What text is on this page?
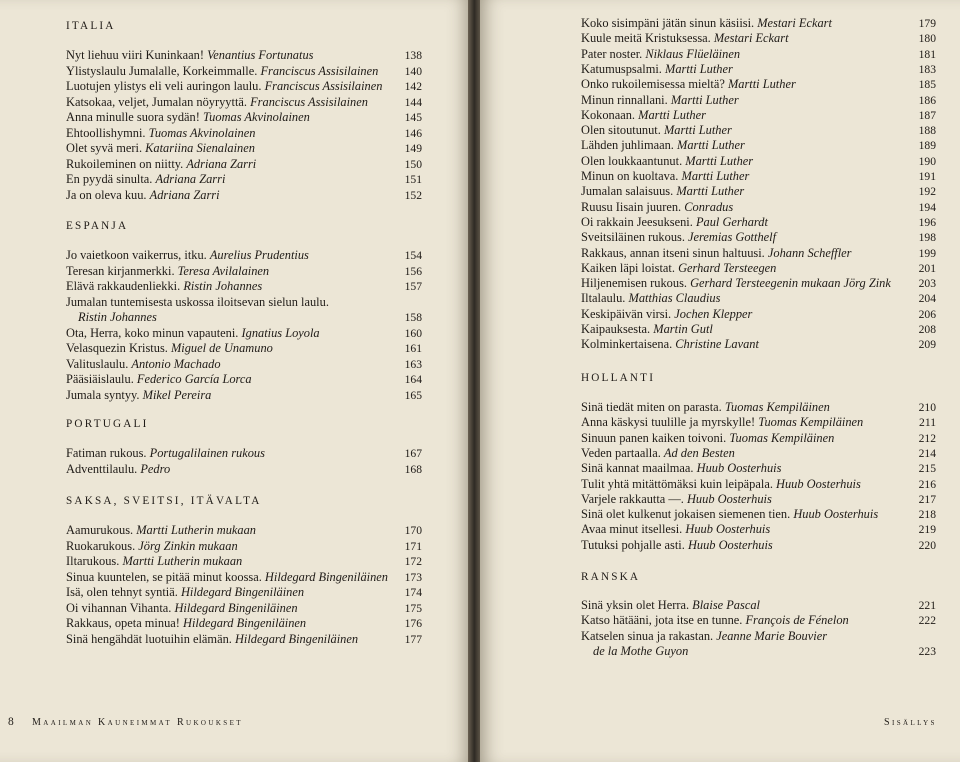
8 Maailman Kauneimmat Rukoukset
ITALIA
Nyt liehuu viiri Kuninkaan! Venantius Fortunatus	138
Ylistyslaulu Jumalalle, Korkeimmalle. Franciscus Assisilainen	140
Luotujen ylistys eli veli auringon laulu. Franciscus Assisilainen	142
Katsokaa, veljet, Jumalan nöyryyttä. Franciscus Assisilainen	144
Anna minulle suora sydän! Tuomas Akvinolainen	145
Ehtoollishymni. Tuomas Akvinolainen	146
Olet syvä meri. Katariina Sienalainen	149
Rukoileminen on niitty. Adriana Zarri	150
En pyydä sinulta. Adriana Zarri	151
Ja on oleva kuu. Adriana Zarri	152
ESPANJA
Jo vaietkoon vaikerrus, itku. Aurelius Prudentius	154
Teresan kirjanmerkki. Teresa Avilalainen	156
Elävä rakkaudenliekki. Ristin Johannes	157
Jumalan tuntemisesta uskossa iloitsevan sielun laulu.
Ristin Johannes	158
Ota, Herra, koko minun vapauteni. Ignatius Loyola	160
Velasquezin Kristus. Miguel de Unamuno	161
Valituslaulu. Antonio Machado	163
Pääsiäislaulu. Federico García Lorca	164
Jumala syntyy. Mikel Pereira	165
PORTUGALI
Fatiman rukous. Portugalilainen rukous	167
Adventtilaulu. Pedro	168
SAKSA, SVEITSI, ITÄVALTA
Aamurukous. Martti Lutherin mukaan	170
Ruokarukous. Jörg Zinkin mukaan	171
Iltarukous. Martti Lutherin mukaan	172
Sinua kuuntelen, se pitää minut koossa. Hildegard Bingeniläinen	173
Isä, olen tehnyt syntiä. Hildegard Bingeniläinen	174
Oi vihannan Vihanta. Hildegard Bingeniläinen	175
Rakkaus, opeta minua! Hildegard Bingeniläinen	176
Sinä hengähdät luotuihin elämän. Hildegard Bingeniläinen	177
Sisällys
Koko sisimpäni jätän sinun käsiisi. Mestari Eckart	179
Kuule meitä Kristuksessa. Mestari Eckart	180
Pater noster. Niklaus Flüeläinen	181
Katumuspsalmi. Martti Luther	183
Onko rukoilemisessa mieltä? Martti Luther	185
Minun rinnallani. Martti Luther	186
Kokonaan. Martti Luther	187
Olen sitoutunut. Martti Luther	188
Lähden juhlimaan. Martti Luther	189
Olen loukkaantunut. Martti Luther	190
Minun on kuoltava. Martti Luther	191
Jumalan salaisuus. Martti Luther	192
Ruusu Iisain juuren. Conradus	194
Oi rakkain Jeesukseni. Paul Gerhardt	196
Sveitsiläinen rukous. Jeremias Gotthelf	198
Rakkaus, annan itseni sinun haltuusi. Johann Scheffler	199
Kaiken läpi loistat. Gerhard Tersteegen	201
Hiljenemisen rukous. Gerhard Tersteegenin mukaan Jörg Zink	203
Iltalaulu. Matthias Claudius	204
Keskipäivän virsi. Jochen Klepper	206
Kaipauksesta. Martin Gutl	208
Kolminkertaisena. Christine Lavant	209
HOLLANTI
Sinä tiedät miten on parasta. Tuomas Kempiläinen	210
Anna käskysi tuulille ja myrskylle! Tuomas Kempiläinen	211
Sinuun panen kaiken toivoni. Tuomas Kempiläinen	212
Veden partaalla. Ad den Besten	214
Sinä kannat maailmaa. Huub Oosterhuis	215
Tulit yhtä mitättömäksi kuin leipäpala. Huub Oosterhuis	216
Varjele rakkautta —. Huub Oosterhuis	217
Sinä olet kulkenut jokaisen siemenen tien. Huub Oosterhuis	218
Avaa minut itsellesi. Huub Oosterhuis	219
Tutuksi pohjalle asti. Huub Oosterhuis	220
RANSKA
Sinä yksin olet Herra. Blaise Pascal	221
Katso hätääni, jota itse en tunne. François de Fénelon	222
Katselen sinua ja rakastan. Jeanne Marie Bouvier
de la Mothe Guyon	223
